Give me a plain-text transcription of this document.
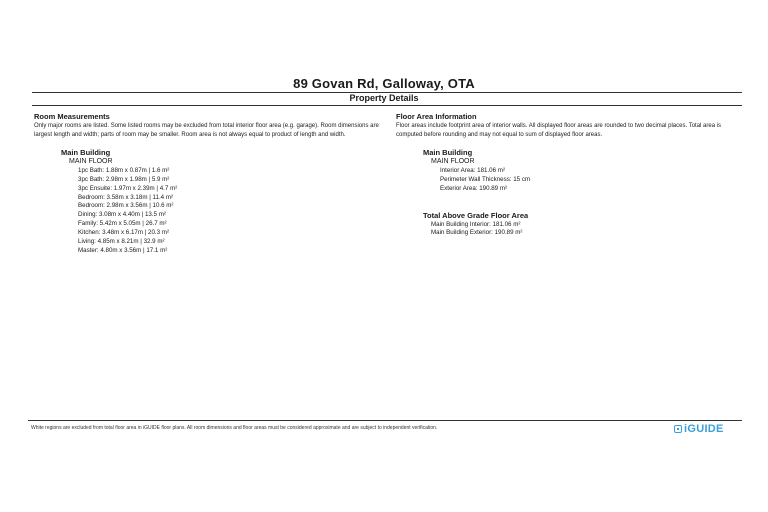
89 Govan Rd, Galloway, OTA
Property Details

Room Measurements

Only major rooms are listed. Some listed rooms may be excluded from total interior floor area (e.g. garage). Room dimensions are largest length and width; parts of room may be smaller. Room area is not always equal to product of length and width.

Main Building

MAIN FLOOR

1pc Bath: 1.88m x 0.87m | 1.6 m²
3pc Bath: 2.98m x 1.98m | 5.9 m²
3pc Ensuite: 1.97m x 2.39m | 4.7 m²
Bedroom: 3.58m x 3.18m | 11.4 m²
Bedroom: 2.98m x 3.56m | 10.6 m²
Dining: 3.08m x 4.40m | 13.5 m²
Family: 5.42m x 5.05m | 26.7 m²
Kitchen: 3.48m x 6.17m | 20.3 m²
Living: 4.85m x 8.21m | 32.9 m²
Master: 4.80m x 3.56m | 17.1 m²

Floor Area Information

Floor areas include footprint area of interior walls. All displayed floor areas are rounded to two decimal places. Total area is computed before rounding and may not equal to sum of displayed floor areas.

Main Building

MAIN FLOOR

Interior Area: 181.06 m²
Perimeter Wall Thickness: 15 cm
Exterior Area: 190.89 m²

Total Above Grade Floor Area

Main Building Interior: 181.06 m²
Main Building Exterior: 190.89 m²
White regions are excluded from total floor area in iGUIDE floor plans. All room dimensions and floor areas must be considered approximate and are subject to independent verification.	iGUIDE
